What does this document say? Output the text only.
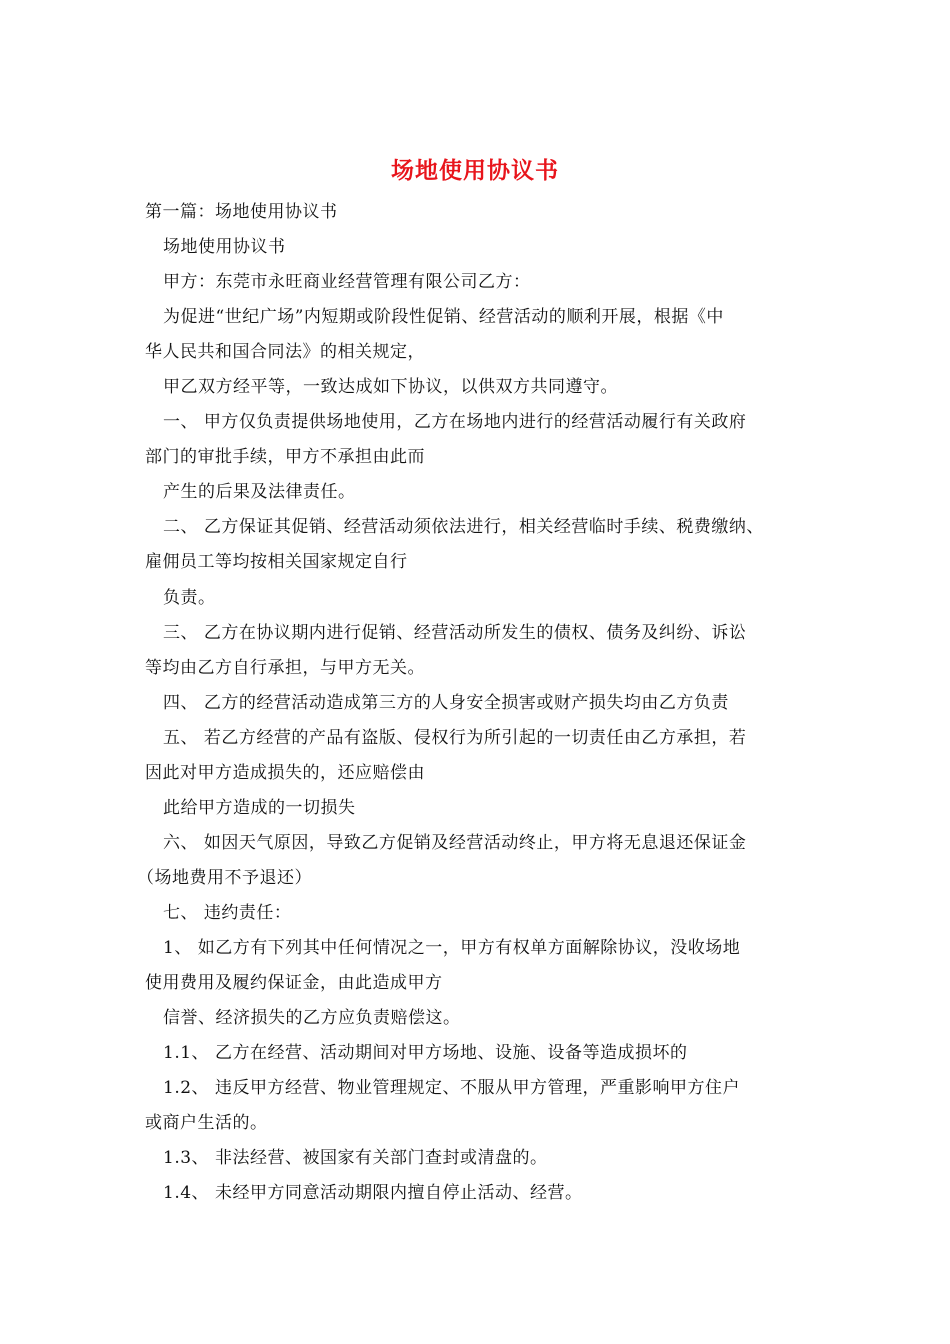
场地使用协议书
第一篇：场地使用协议书
场地使用协议书
甲方：东莞市永旺商业经营管理有限公司乙方：
为促进“世纪广场”内短期或阶段性促销、经营活动的顺利开展，根据《中
华人民共和国合同法》的相关规定，
甲乙双方经平等，一致达成如下协议，以供双方共同遵守。
一、 甲方仅负责提供场地使用，乙方在场地内进行的经营活动履行有关政府
部门的审批手续，甲方不承担由此而
产生的后果及法律责任。
二、 乙方保证其促销、经营活动须依法进行，相关经营临时手续、税费缴纳、
雇佣员工等均按相关国家规定自行
负责。
三、 乙方在协议期内进行促销、经营活动所发生的债权、债务及纠纷、诉讼
等均由乙方自行承担，与甲方无关。
四、 乙方的经营活动造成第三方的人身安全损害或财产损失均由乙方负责
五、 若乙方经营的产品有盗版、侵权行为所引起的一切责任由乙方承担，若
因此对甲方造成损失的，还应赔偿由
此给甲方造成的一切损失
六、 如因天气原因，导致乙方促销及经营活动终止，甲方将无息退还保证金
（场地费用不予退还）
七、 违约责任：
1、 如乙方有下列其中任何情况之一，甲方有权单方面解除协议，没收场地
使用费用及履约保证金，由此造成甲方
信誉、经济损失的乙方应负责赔偿这。
1.1、 乙方在经营、活动期间对甲方场地、设施、设备等造成损坏的
1.2、 违反甲方经营、物业管理规定、不服从甲方管理，严重影响甲方住户
或商户生活的。
1.3、 非法经营、被国家有关部门查封或清盘的。
1.4、 未经甲方同意活动期限内擅自停止活动、经营。
